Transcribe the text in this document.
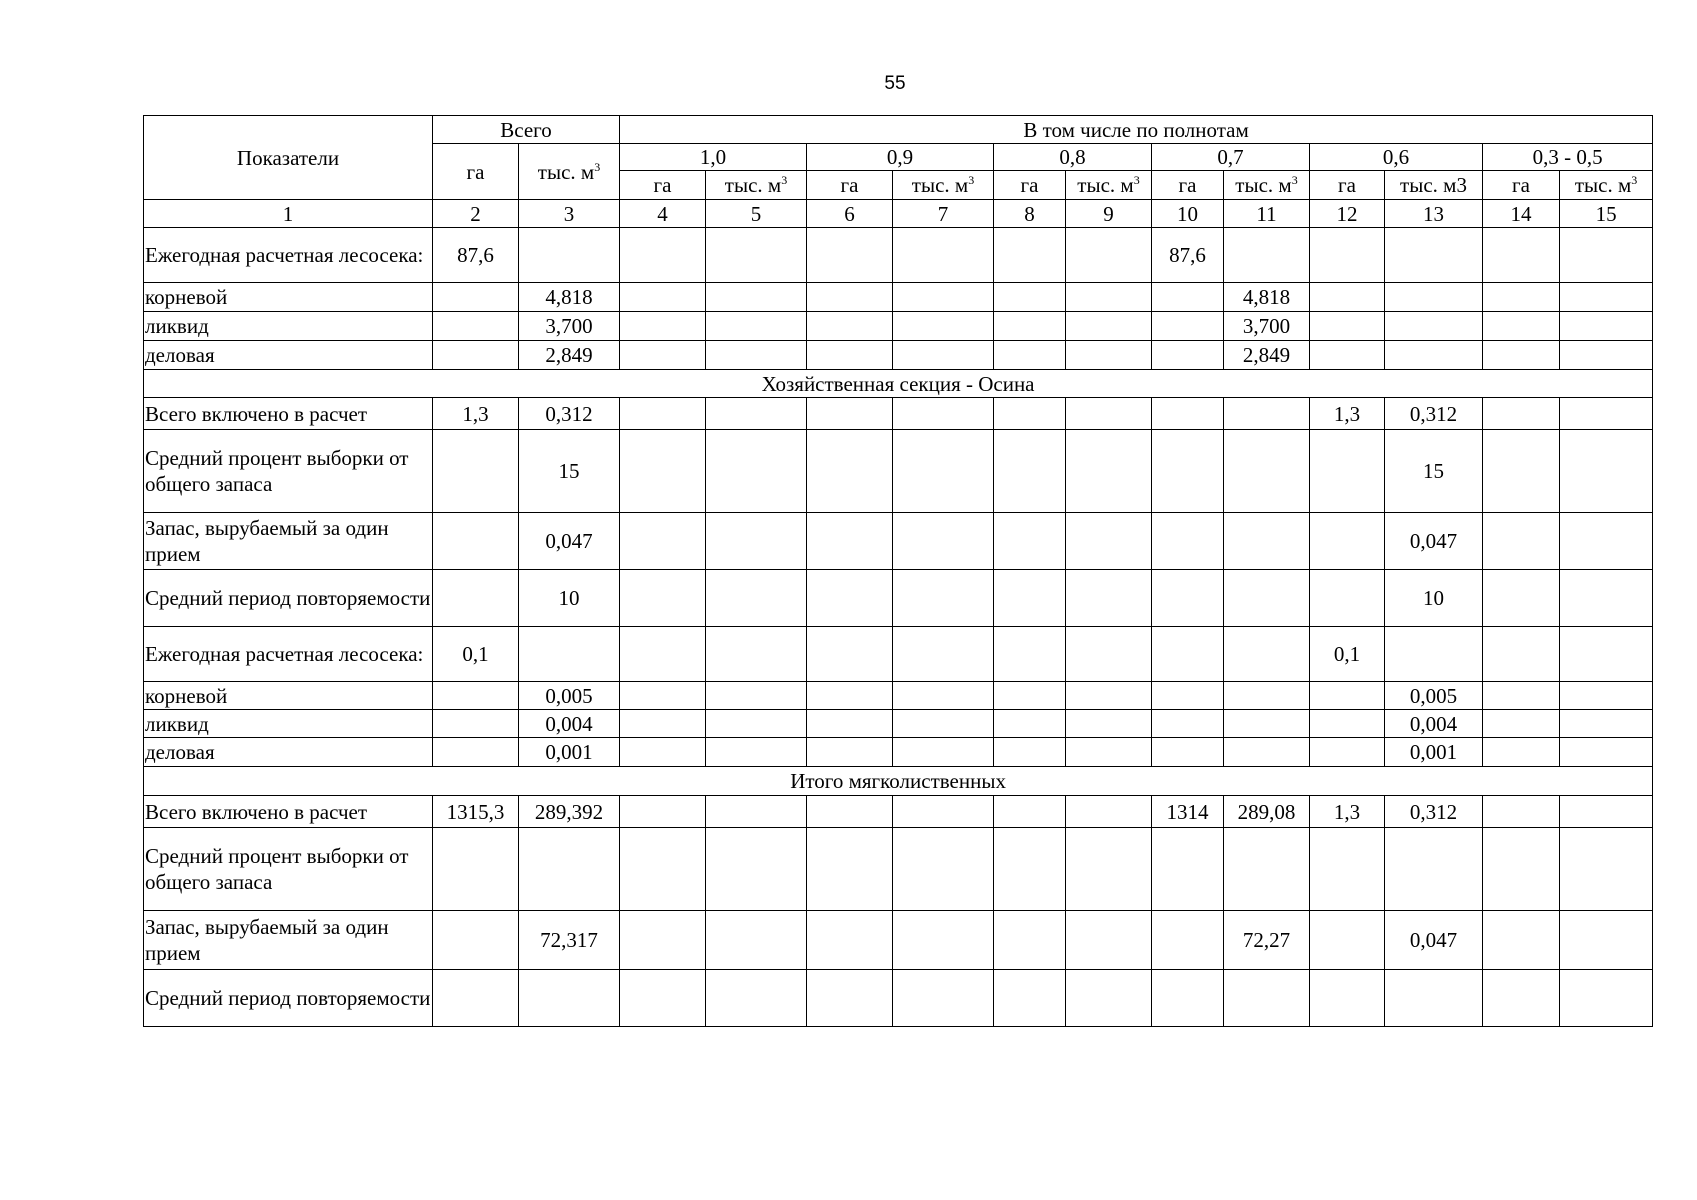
55
Показатели	Всего		В том числе по полнотам											
	га	тыс. $м^3$	1,0		0,9		0,8		0,7		0,6		0,3 - 0,5	
			га	тыс. $м^3$	га	тыс. $м^3$	га	тыс. $м^3$	га	тыс. $м^3$	га	тыс. м3	га	тыс. $м^3$
1	2	3	4	5	6	7	8	9	10	11	12	13	14	15
Ежегодная расчетная лесосека:	87,6								87,6					
корневой		4,818								4,818				
ликвид		3,700								3,700				
деловая		2,849								2,849				
Хозяйственная секция - Осина														
Всего включено в расчет	1,3	0,312									1,3	0,312		
Средний процент выборки от общего запаса		15										15		
Запас, вырубаемый за один прием		0,047										0,047		
Средний период повторяемости		10										10		
Ежегодная расчетная лесосека:	0,1										0,1			
корневой		0,005										0,005		
ликвид		0,004										0,004		
деловая		0,001										0,001		
Итого мягколиственных														
Всего включено в расчет	1315,3	289,392							1314	289,08	1,3	0,312		
Средний процент выборки от общего запаса														
Запас, вырубаемый за один прием		72,317								72,27		0,047		
Средний период повторяемости														
